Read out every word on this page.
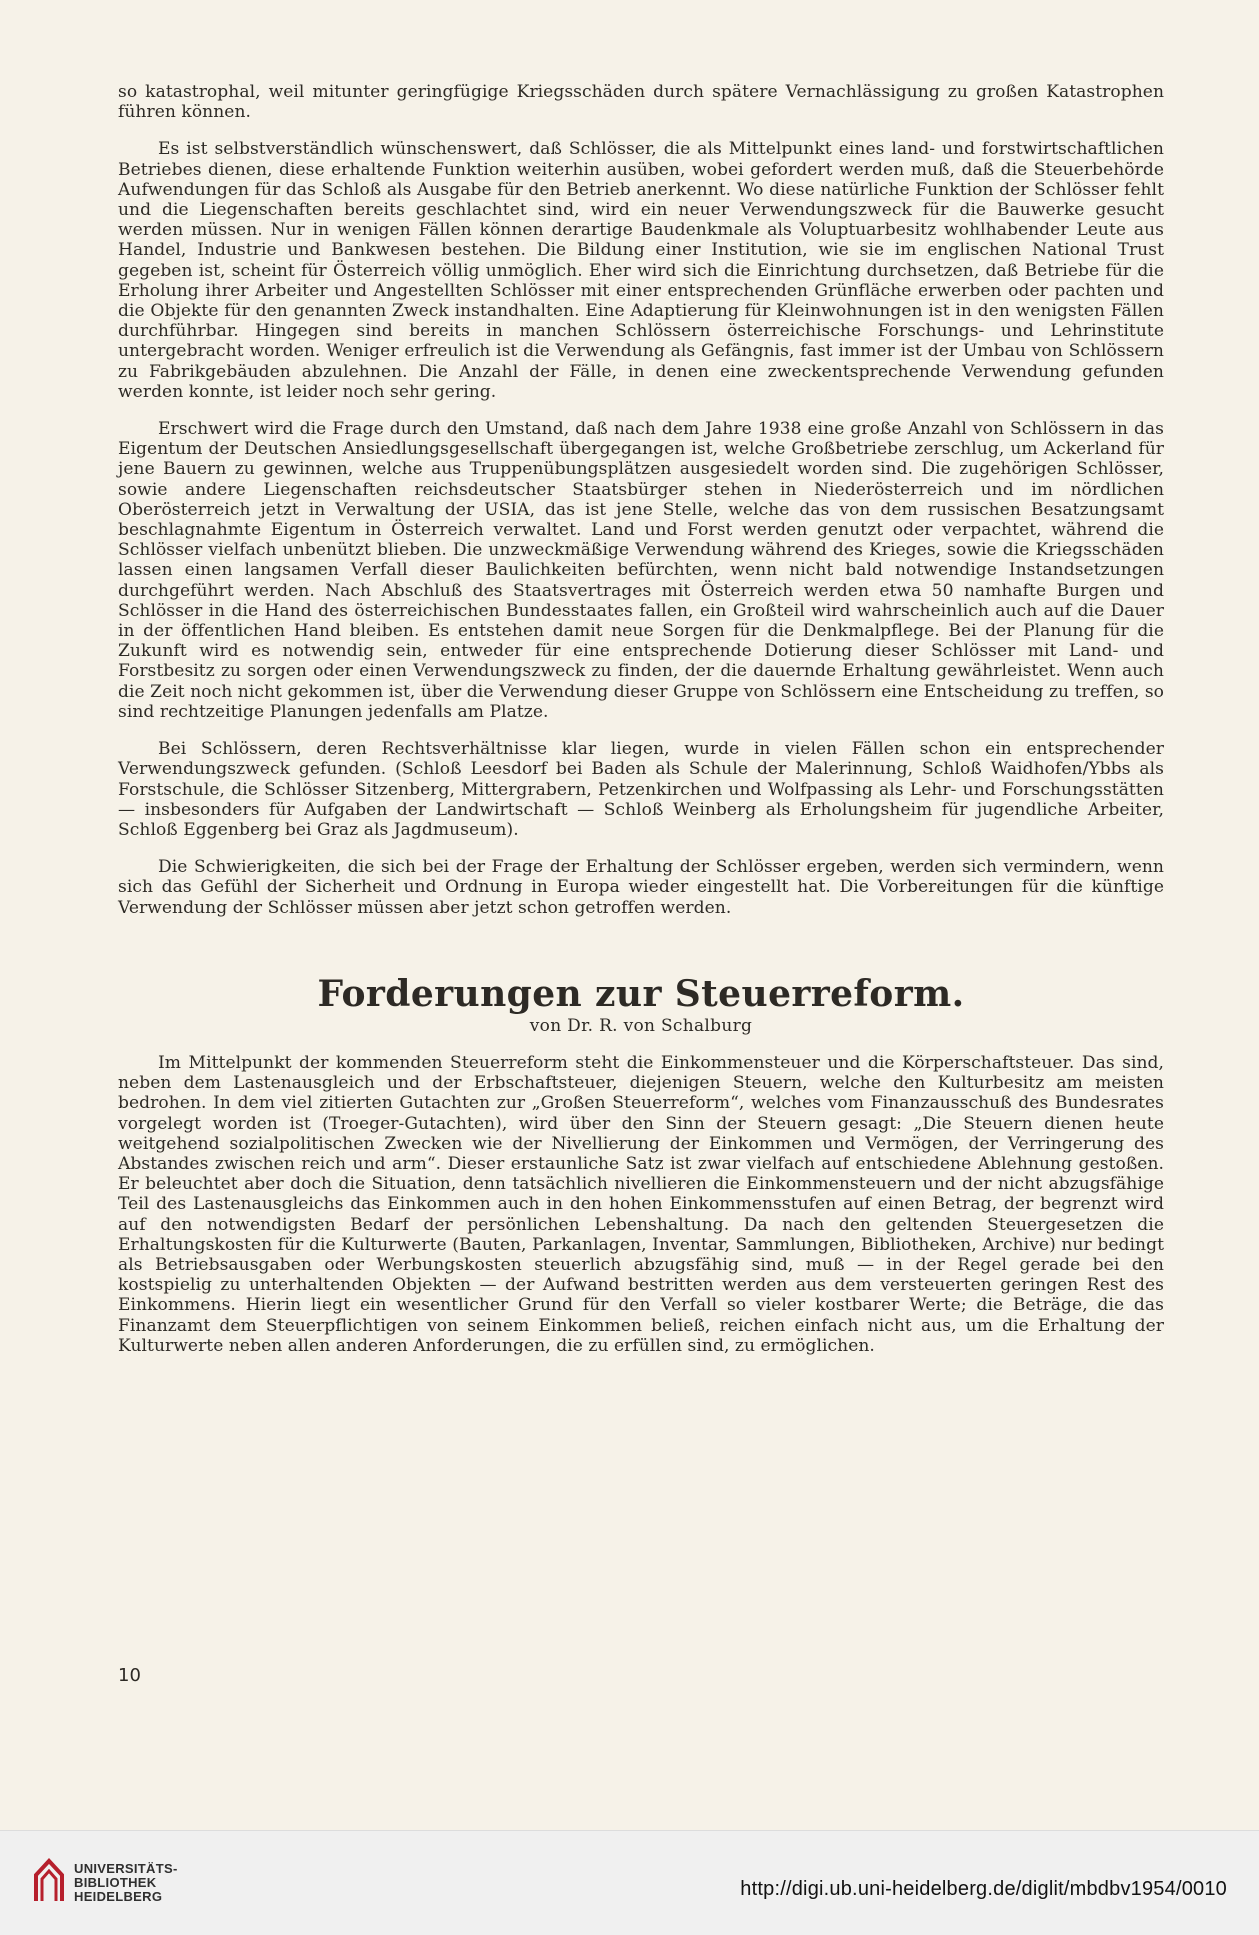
so katastrophal, weil mitunter geringfügige Kriegsschäden durch spätere Vernachlässigung zu großen Katastrophen führen können.

Es ist selbstverständlich wünschenswert, daß Schlösser, die als Mittelpunkt eines land- und forstwirtschaftlichen Betriebes dienen, diese erhaltende Funktion weiterhin ausüben, wobei gefordert werden muß, daß die Steuerbehörde Aufwendungen für das Schloß als Ausgabe für den Betrieb anerkennt. Wo diese natürliche Funktion der Schlösser fehlt und die Liegenschaften bereits geschlachtet sind, wird ein neuer Verwendungszweck für die Bauwerke gesucht werden müssen. Nur in wenigen Fällen können derartige Baudenkmale als Voluptuarbesitz wohlhabender Leute aus Handel, Industrie und Bankwesen bestehen. Die Bildung einer Institution, wie sie im englischen National Trust gegeben ist, scheint für Österreich völlig unmöglich. Eher wird sich die Einrichtung durchsetzen, daß Betriebe für die Erholung ihrer Arbeiter und Angestellten Schlösser mit einer entsprechenden Grünfläche erwerben oder pachten und die Objekte für den genannten Zweck instandhalten. Eine Adaptierung für Kleinwohnungen ist in den wenigsten Fällen durchführbar. Hingegen sind bereits in manchen Schlössern österreichische Forschungs- und Lehrinstitute untergebracht worden. Weniger erfreulich ist die Verwendung als Gefängnis, fast immer ist der Umbau von Schlössern zu Fabrikgebäuden abzulehnen. Die Anzahl der Fälle, in denen eine zweckentsprechende Verwendung gefunden werden konnte, ist leider noch sehr gering.

Erschwert wird die Frage durch den Umstand, daß nach dem Jahre 1938 eine große Anzahl von Schlössern in das Eigentum der Deutschen Ansiedlungsgesellschaft übergegangen ist, welche Großbetriebe zerschlug, um Ackerland für jene Bauern zu gewinnen, welche aus Truppenübungsplätzen ausgesiedelt worden sind. Die zugehörigen Schlösser, sowie andere Liegenschaften reichsdeutscher Staatsbürger stehen in Niederösterreich und im nördlichen Oberösterreich jetzt in Verwaltung der USIA, das ist jene Stelle, welche das von dem russischen Besatzungsamt beschlagnahmte Eigentum in Österreich verwaltet. Land und Forst werden genutzt oder verpachtet, während die Schlösser vielfach unbenützt blieben. Die unzweckmäßige Verwendung während des Krieges, sowie die Kriegsschäden lassen einen langsamen Verfall dieser Baulichkeiten befürchten, wenn nicht bald notwendige Instandsetzungen durchgeführt werden. Nach Abschluß des Staatsvertrages mit Österreich werden etwa 50 namhafte Burgen und Schlösser in die Hand des österreichischen Bundesstaates fallen, ein Großteil wird wahrscheinlich auch auf die Dauer in der öffentlichen Hand bleiben. Es entstehen damit neue Sorgen für die Denkmalpflege. Bei der Planung für die Zukunft wird es notwendig sein, entweder für eine entsprechende Dotierung dieser Schlösser mit Land- und Forstbesitz zu sorgen oder einen Verwendungszweck zu finden, der die dauernde Erhaltung gewährleistet. Wenn auch die Zeit noch nicht gekommen ist, über die Verwendung dieser Gruppe von Schlössern eine Entscheidung zu treffen, so sind rechtzeitige Planungen jedenfalls am Platze.

Bei Schlössern, deren Rechtsverhältnisse klar liegen, wurde in vielen Fällen schon ein entsprechender Verwendungszweck gefunden. (Schloß Leesdorf bei Baden als Schule der Malerinnung, Schloß Waidhofen/Ybbs als Forstschule, die Schlösser Sitzenberg, Mittergrabern, Petzenkirchen und Wolfpassing als Lehr- und Forschungsstätten — insbesonders für Aufgaben der Landwirtschaft — Schloß Weinberg als Erholungsheim für jugendliche Arbeiter, Schloß Eggenberg bei Graz als Jagdmuseum).

Die Schwierigkeiten, die sich bei der Frage der Erhaltung der Schlösser ergeben, werden sich vermindern, wenn sich das Gefühl der Sicherheit und Ordnung in Europa wieder eingestellt hat. Die Vorbereitungen für die künftige Verwendung der Schlösser müssen aber jetzt schon getroffen werden.

Forderungen zur Steuerreform.
von Dr. R. von Schalburg

Im Mittelpunkt der kommenden Steuerreform steht die Einkommensteuer und die Körperschaftsteuer. Das sind, neben dem Lastenausgleich und der Erbschaftsteuer, diejenigen Steuern, welche den Kulturbesitz am meisten bedrohen. In dem viel zitierten Gutachten zur „Großen Steuerreform“, welches vom Finanzausschuß des Bundesrates vorgelegt worden ist (Troeger-Gutachten), wird über den Sinn der Steuern gesagt: „Die Steuern dienen heute weitgehend sozialpolitischen Zwecken wie der Nivellierung der Einkommen und Vermögen, der Verringerung des Abstandes zwischen reich und arm“. Dieser erstaunliche Satz ist zwar vielfach auf entschiedene Ablehnung gestoßen. Er beleuchtet aber doch die Situation, denn tatsächlich nivellieren die Einkommensteuern und der nicht abzugsfähige Teil des Lastenausgleichs das Einkommen auch in den hohen Einkommensstufen auf einen Betrag, der begrenzt wird auf den notwendigsten Bedarf der persönlichen Lebenshaltung. Da nach den geltenden Steuergesetzen die Erhaltungskosten für die Kulturwerte (Bauten, Parkanlagen, Inventar, Sammlungen, Bibliotheken, Archive) nur bedingt als Betriebsausgaben oder Werbungskosten steuerlich abzugsfähig sind, muß — in der Regel gerade bei den kostspielig zu unterhaltenden Objekten — der Aufwand bestritten werden aus dem versteuerten geringen Rest des Einkommens. Hierin liegt ein wesentlicher Grund für den Verfall so vieler kostbarer Werte; die Beträge, die das Finanzamt dem Steuerpflichtigen von seinem Einkommen beließ, reichen einfach nicht aus, um die Erhaltung der Kulturwerte neben allen anderen Anforderungen, die zu erfüllen sind, zu ermöglichen.

10
UNIVERSITÄTS-
BIBLIOTHEK
HEIDELBERG	http://digi.ub.uni-heidelberg.de/diglit/mbdbv1954/0010
